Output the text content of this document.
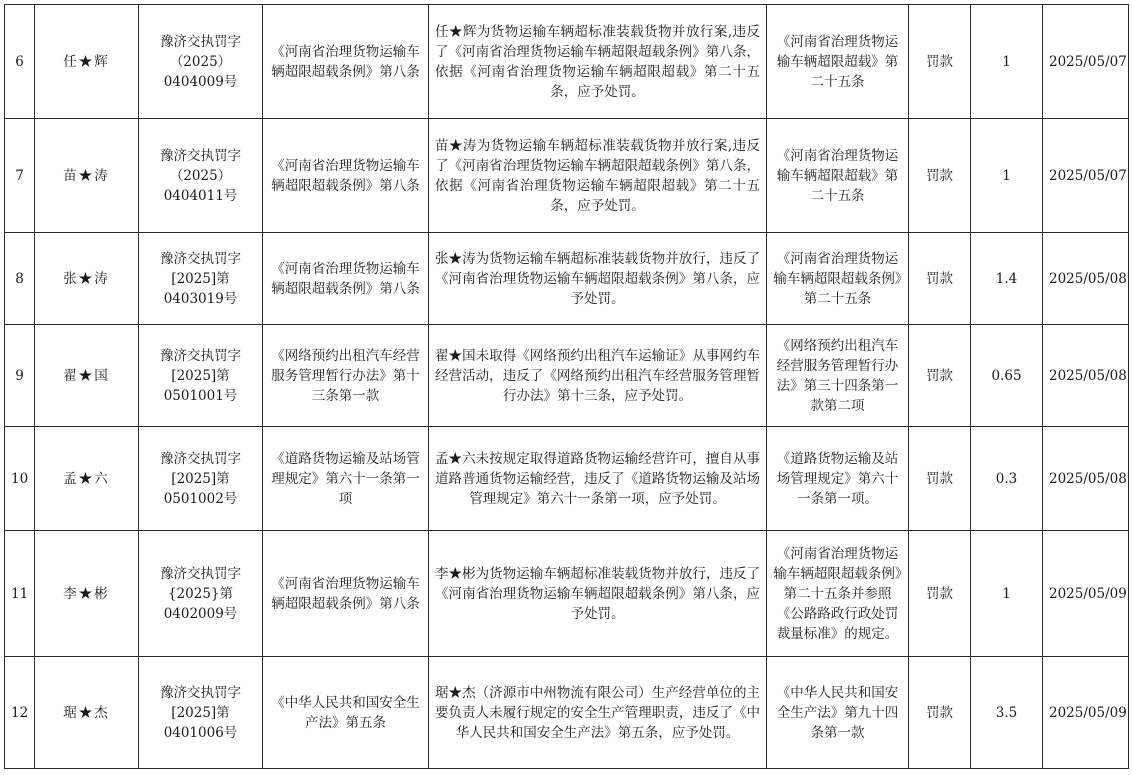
6	任★辉	豫济交执罚字（2025）0404009号	《河南省治理货物运输车辆超限超载条例》第八条	任★辉为货物运输车辆超标准装载货物并放行案,违反了《河南省治理货物运输车辆超限超载条例》第八条，依据《河南省治理货物运输车辆超限超载》第二十五条，应予处罚。	《河南省治理货物运输车辆超限超载》第二十五条	罚款	1	2025/05/07
7	苗★涛	豫济交执罚字（2025）0404011号	《河南省治理货物运输车辆超限超载条例》第八条	苗★涛为货物运输车辆超标准装载货物并放行案,违反了《河南省治理货物运输车辆超限超载条例》第八条，依据《河南省治理货物运输车辆超限超载》第二十五条，应予处罚。	《河南省治理货物运输车辆超限超载》第二十五条	罚款	1	2025/05/07
8	张★涛	豫济交执罚字[2025]第0403019号	《河南省治理货物运输车辆超限超载条例》第八条	张★涛为货物运输车辆超标准装载货物并放行，违反了《河南省治理货物运输车辆超限超载条例》第八条，应予处罚。	《河南省治理货物运输车辆超限超载条例》第二十五条	罚款	1.4	2025/05/08
9	翟★国	豫济交执罚字[2025]第0501001号	《网络预约出租汽车经营服务管理暂行办法》第十三条第一款	翟★国未取得《网络预约出租汽车运输证》从事网约车经营活动，违反了《网络预约出租汽车经营服务管理暂行办法》第十三条，应予处罚。	《网络预约出租汽车经营服务管理暂行办法》第三十四条第一款第二项	罚款	0.65	2025/05/08
10	孟★六	豫济交执罚字[2025]第0501002号	《道路货物运输及站场管理规定》第六十一条第一项	孟★六未按规定取得道路货物运输经营许可，擅自从事道路普通货物运输经营，违反了《道路货物运输及站场管理规定》第六十一条第一项，应予处罚。	《道路货物运输及站场管理规定》第六十一条第一项。	罚款	0.3	2025/05/08
11	李★彬	豫济交执罚字{2025}第0402009号	《河南省治理货物运输车辆超限超载条例》第八条	李★彬为货物运输车辆超标准装载货物并放行，违反了《河南省治理货物运输车辆超限超载条例》第八条，应予处罚。	《河南省治理货物运输车辆超限超载条例》第二十五条并参照《公路路政行政处罚裁量标准》的规定。	罚款	1	2025/05/09
12	琚★杰	豫济交执罚字[2025]第0401006号	《中华人民共和国安全生产法》第五条	琚★杰（济源市中州物流有限公司）生产经营单位的主要负责人未履行规定的安全生产管理职责，违反了《中华人民共和国安全生产法》第五条，应予处罚。	《中华人民共和国安全生产法》第九十四条第一款	罚款	3.5	2025/05/09
